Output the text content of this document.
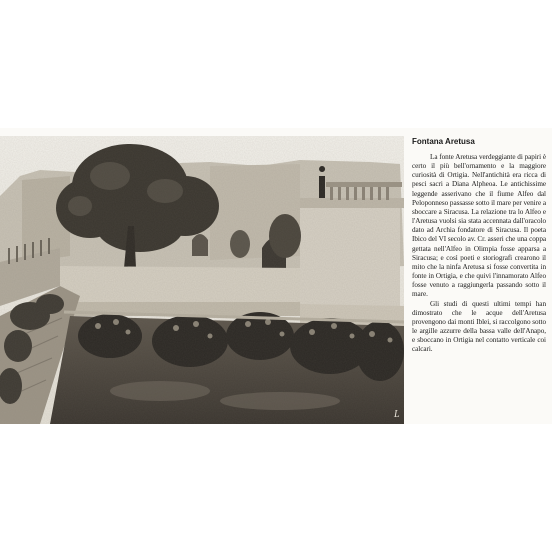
L
Fontana Aretusa

La fonte Aretusa verdeggiante di papiri è certo il più bell'ornamento e la maggiore curiosità di Ortigia. Nell'antichità era ricca di pesci sacri a Diana Alpheoa. Le antichissime leggende asserivano che il fiume Alfeo dal Peloponneso passasse sotto il mare per venire a sboccare a Siracusa. La relazione tra lo Alfeo e l'Aretusa vuolsi sia stata accennata dall'oracolo dato ad Archia fondatore di Siracusa. Il poeta Ibico del VI secolo av. Cr. asseri che una coppa gettata nell'Alfeo in Olimpia fosse apparsa a Siracusa; e così poeti e storiografi crearono il mito che la ninfa Aretusa si fosse convertita in fonte in Ortigia, e che quivi l'innamorato Alfeo fosse venuto a raggiungerla passando sotto il mare.

Gli studi di questi ultimi tempi han dimostrato che le acque dell'Aretusa provengono dai monti Iblei, si raccolgono sotto le argille azzurre della bassa valle dell'Anapo, e sboccano in Ortigia nel contatto verticale coi calcari.
